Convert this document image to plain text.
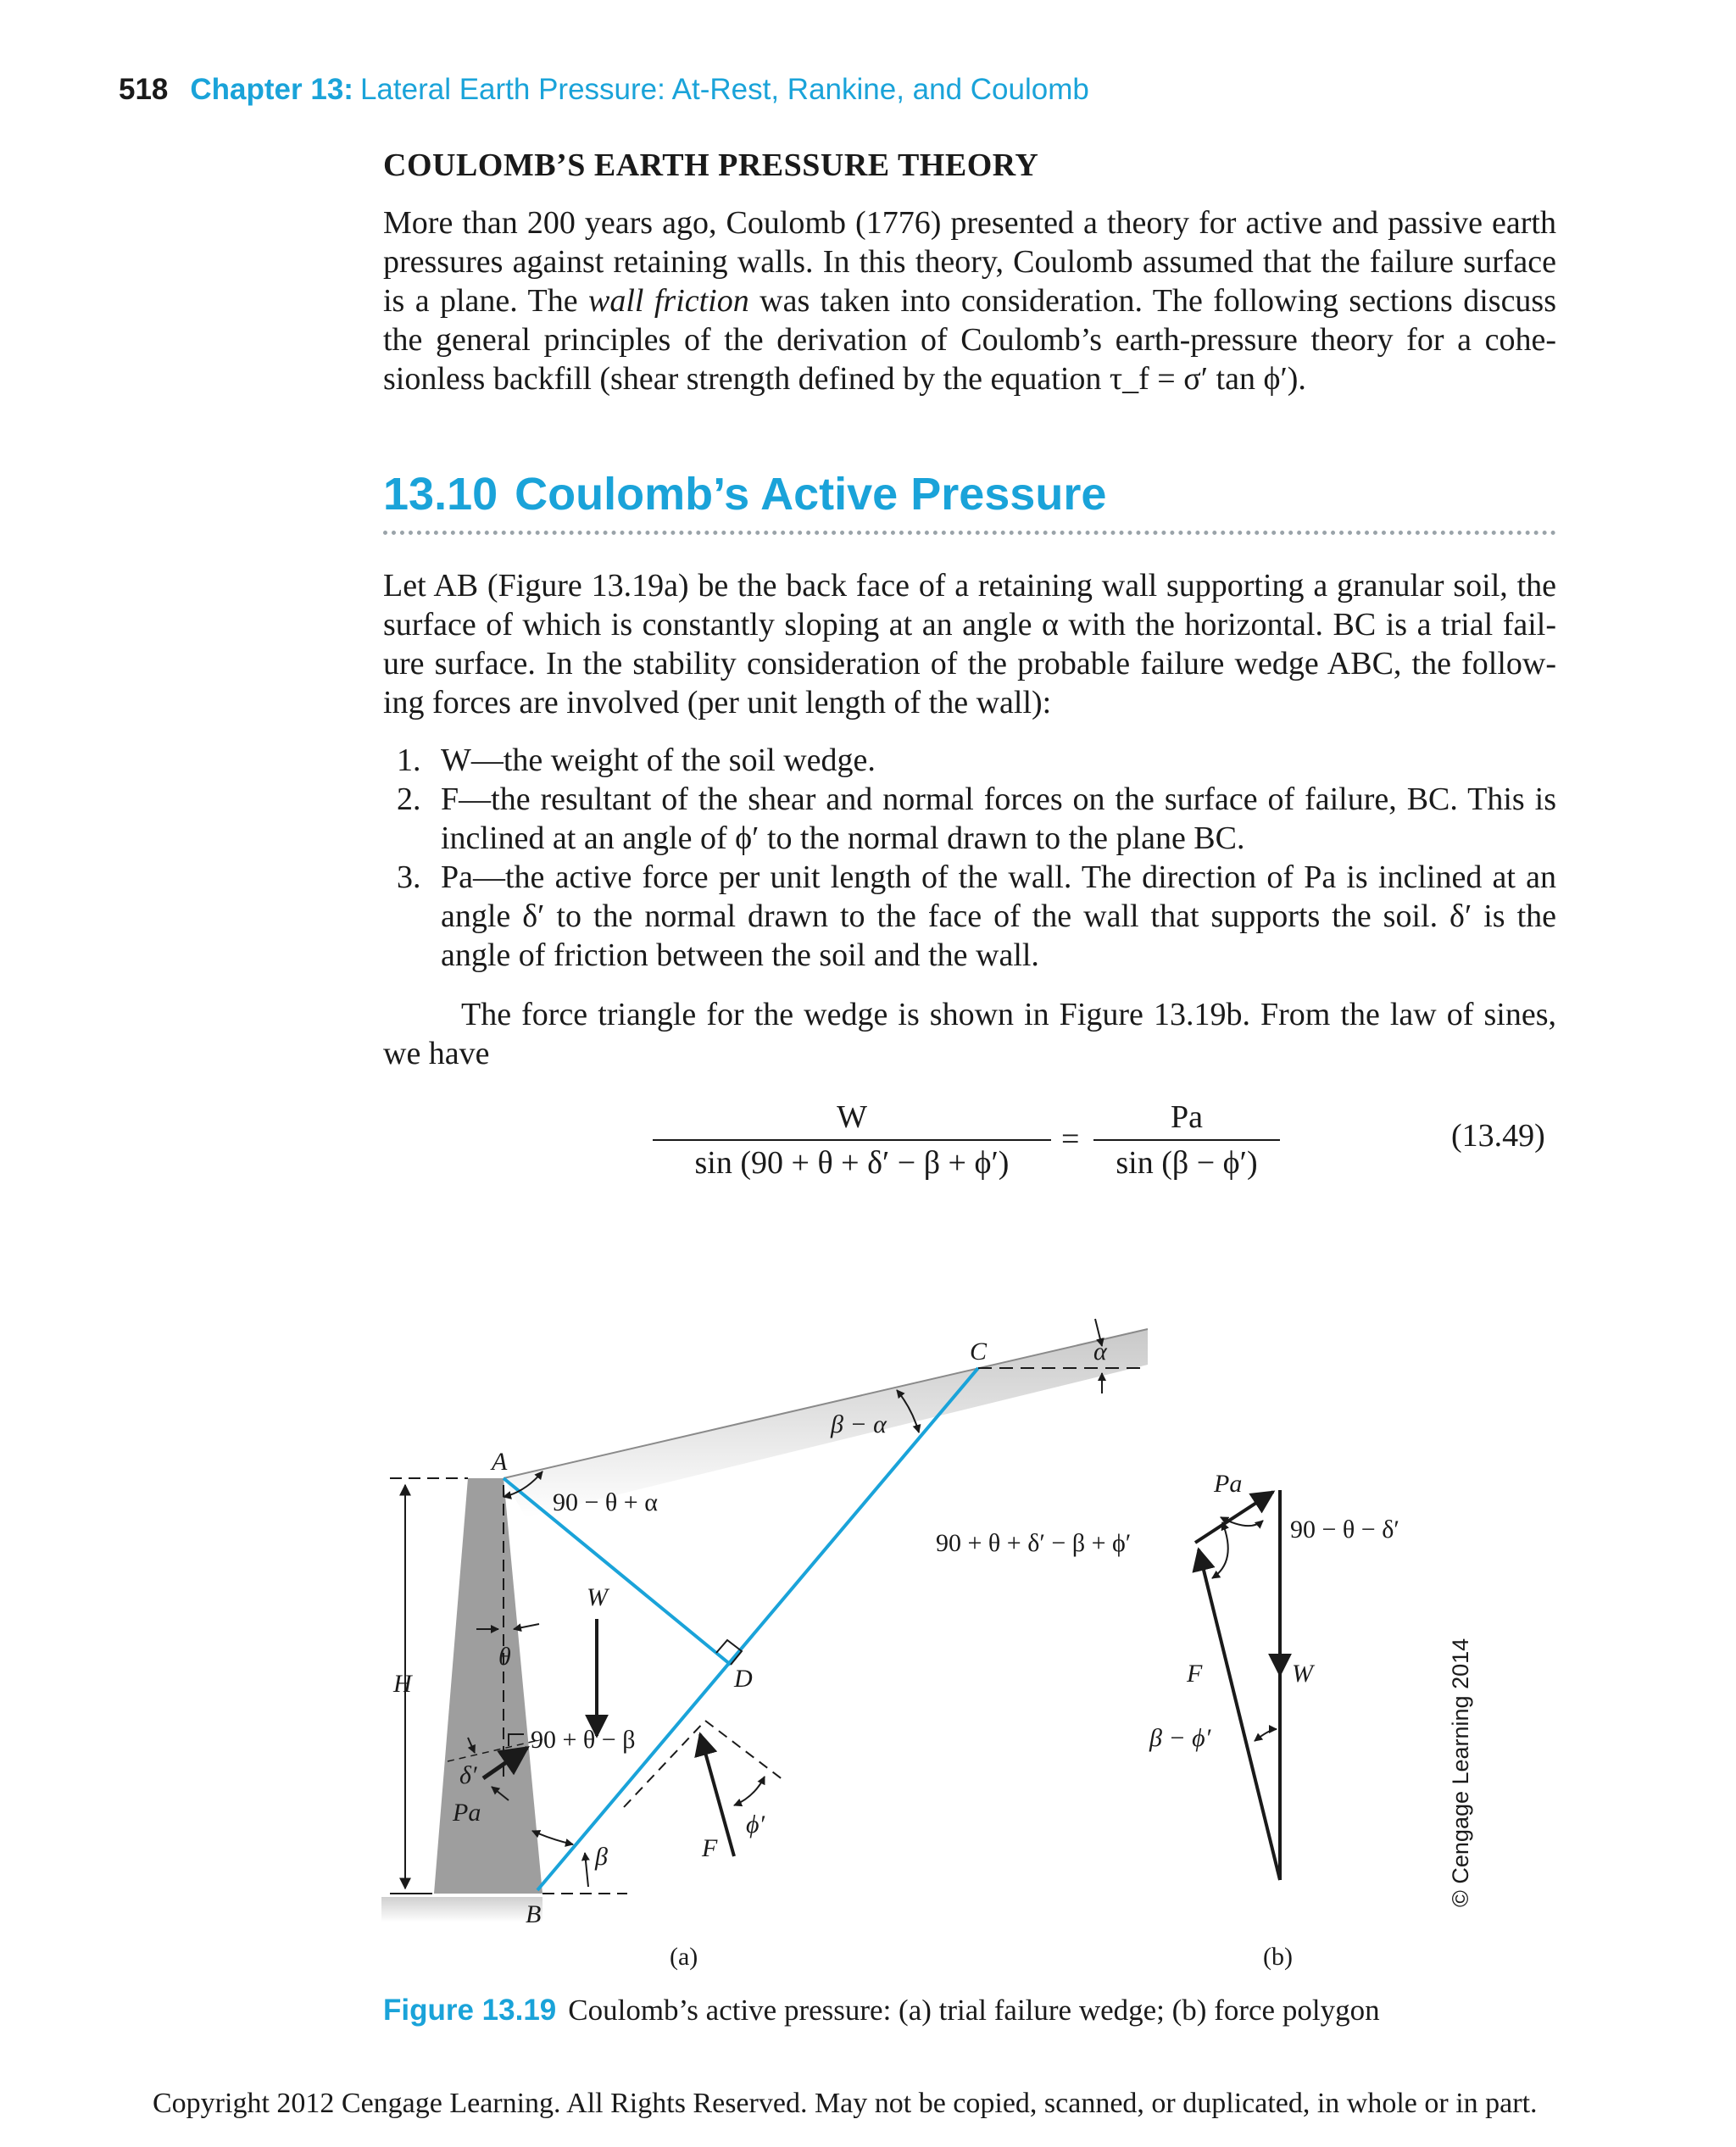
518 Chapter 13: Lateral Earth Pressure: At-Rest, Rankine, and Coulomb
COULOMB’S EARTH PRESSURE THEORY
More than 200 years ago, Coulomb (1776) presented a theory for active and passive earth
pressures against retaining walls. In this theory, Coulomb assumed that the failure surface
is a plane. The wall friction was taken into consideration. The following sections discuss
the general principles of the derivation of Coulomb’s earth-pressure theory for a cohe-
sionless backfill (shear strength defined by the equation τ_f = σ′ tan ϕ′).
13.10 Coulomb’s Active Pressure
Let AB (Figure 13.19a) be the back face of a retaining wall supporting a granular soil, the
surface of which is constantly sloping at an angle α with the horizontal. BC is a trial fail-
ure surface. In the stability consideration of the probable failure wedge ABC, the follow-
ing forces are involved (per unit length of the wall):
1. W—the weight of the soil wedge.
2. F—the resultant of the shear and normal forces on the surface of failure, BC. This is
inclined at an angle of ϕ′ to the normal drawn to the plane BC.
3. Pa—the active force per unit length of the wall. The direction of Pa is inclined at an
angle δ′ to the normal drawn to the face of the wall that supports the soil. δ′ is the
angle of friction between the soil and the wall.
The force triangle for the wedge is shown in Figure 13.19b. From the law of sines,
we have
W
sin (90 + θ + δ′ − β + ϕ′)
=
Pa
sin (β − ϕ′)
(13.49)
A
B
C
D
H
W
F
θ
α
β − α
90 − θ + α
90 + θ − β
δ′
Pa
β
ϕ′
Pa
90 − θ − δ′
90 + θ + δ′ − β + ϕ′
F	W
β − ϕ′
(a)	(b)
© Cengage Learning 2014
Figure 13.19 Coulomb’s active pressure: (a) trial failure wedge; (b) force polygon
Copyright 2012 Cengage Learning. All Rights Reserved. May not be copied, scanned, or duplicated, in whole or in part.
